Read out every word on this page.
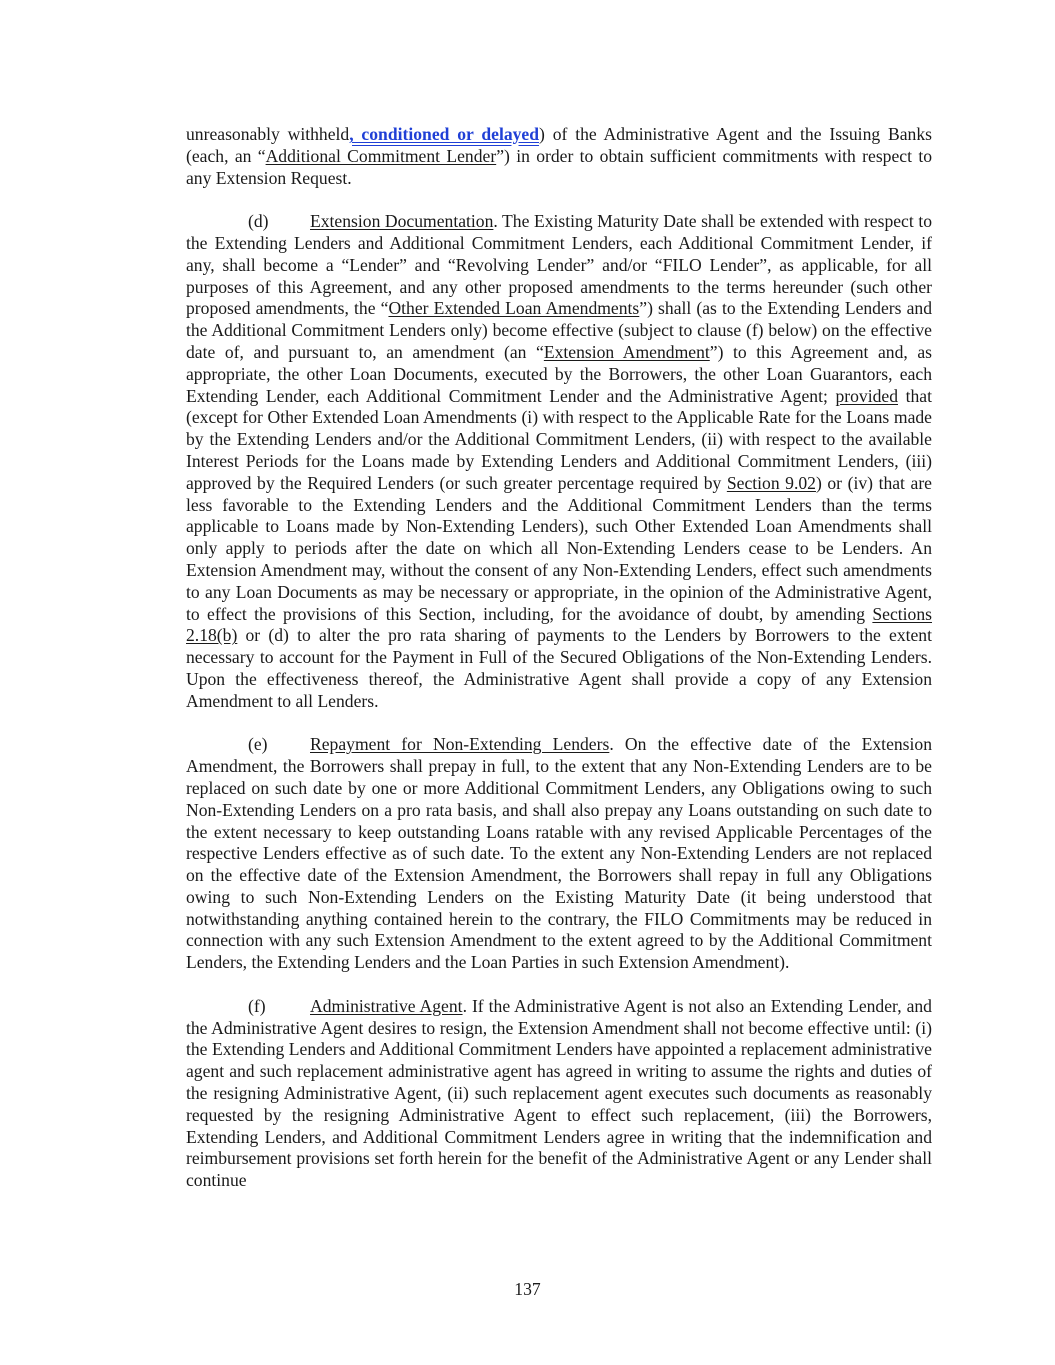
unreasonably withheld, conditioned or delayed) of the Administrative Agent and the Issuing Banks (each, an “Additional Commitment Lender”) in order to obtain sufficient commitments with respect to any Extension Request.

(d) Extension Documentation. The Existing Maturity Date shall be extended with respect to the Extending Lenders and Additional Commitment Lenders, each Additional Commitment Lender, if any, shall become a “Lender” and “Revolving Lender” and/or “FILO Lender”, as applicable, for all purposes of this Agreement, and any other proposed amendments to the terms hereunder (such other proposed amendments, the “Other Extended Loan Amendments”) shall (as to the Extending Lenders and the Additional Commitment Lenders only) become effective (subject to clause (f) below) on the effective date of, and pursuant to, an amendment (an “Extension Amendment”) to this Agreement and, as appropriate, the other Loan Documents, executed by the Borrowers, the other Loan Guarantors, each Extending Lender, each Additional Commitment Lender and the Administrative Agent; provided that (except for Other Extended Loan Amendments (i) with respect to the Applicable Rate for the Loans made by the Extending Lenders and/or the Additional Commitment Lenders, (ii) with respect to the available Interest Periods for the Loans made by Extending Lenders and Additional Commitment Lenders, (iii) approved by the Required Lenders (or such greater percentage required by Section 9.02) or (iv) that are less favorable to the Extending Lenders and the Additional Commitment Lenders than the terms applicable to Loans made by Non-Extending Lenders), such Other Extended Loan Amendments shall only apply to periods after the date on which all Non-Extending Lenders cease to be Lenders. An Extension Amendment may, without the consent of any Non-Extending Lenders, effect such amendments to any Loan Documents as may be necessary or appropriate, in the opinion of the Administrative Agent, to effect the provisions of this Section, including, for the avoidance of doubt, by amending Sections 2.18(b) or (d) to alter the pro rata sharing of payments to the Lenders by Borrowers to the extent necessary to account for the Payment in Full of the Secured Obligations of the Non-Extending Lenders. Upon the effectiveness thereof, the Administrative Agent shall provide a copy of any Extension Amendment to all Lenders.

(e) Repayment for Non-Extending Lenders. On the effective date of the Extension Amendment, the Borrowers shall prepay in full, to the extent that any Non-Extending Lenders are to be replaced on such date by one or more Additional Commitment Lenders, any Obligations owing to such Non-Extending Lenders on a pro rata basis, and shall also prepay any Loans outstanding on such date to the extent necessary to keep outstanding Loans ratable with any revised Applicable Percentages of the respective Lenders effective as of such date. To the extent any Non-Extending Lenders are not replaced on the effective date of the Extension Amendment, the Borrowers shall repay in full any Obligations owing to such Non-Extending Lenders on the Existing Maturity Date (it being understood that notwithstanding anything contained herein to the contrary, the FILO Commitments may be reduced in connection with any such Extension Amendment to the extent agreed to by the Additional Commitment Lenders, the Extending Lenders and the Loan Parties in such Extension Amendment).

(f)	Administrative Agent. If the Administrative Agent is not also an Extending Lender, and the Administrative Agent desires to resign, the Extension Amendment shall not become effective until: (i) the Extending Lenders and Additional Commitment Lenders have appointed a replacement administrative agent and such replacement administrative agent has agreed in writing to assume the rights and duties of the resigning Administrative Agent, (ii) such replacement agent executes such documents as reasonably requested by the resigning Administrative Agent to effect such replacement, (iii) the Borrowers, Extending Lenders, and Additional Commitment Lenders agree in writing that the indemnification and reimbursement provisions set forth herein for the benefit of the Administrative Agent or any Lender shall continue

137
